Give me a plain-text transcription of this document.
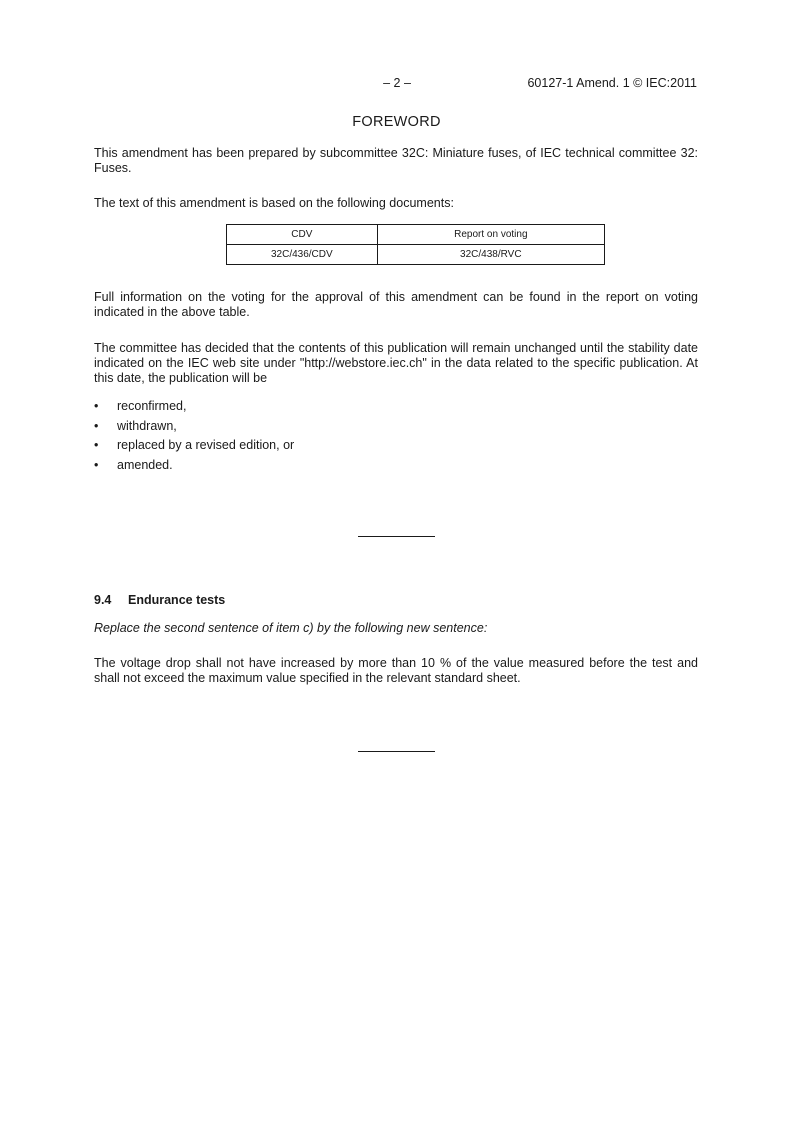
– 2 –	60127-1 Amend. 1 © IEC:2011
FOREWORD

This amendment has been prepared by subcommittee 32C: Miniature fuses, of IEC technical committee 32: Fuses.

The text of this amendment is based on the following documents:

CDV	Report on voting
32C/436/CDV	32C/438/RVC

Full information on the voting for the approval of this amendment can be found in the report on voting indicated in the above table.

The committee has decided that the contents of this publication will remain unchanged until the stability date indicated on the IEC web site under "http://webstore.iec.ch" in the data related to the specific publication. At this date, the publication will be

• reconfirmed,
• withdrawn,
• replaced by a revised edition, or
• amended.
9.4 Endurance tests
Replace the second sentence of item c) by the following new sentence:

The voltage drop shall not have increased by more than 10 % of the value measured before the test and shall not exceed the maximum value specified in the relevant standard sheet.
